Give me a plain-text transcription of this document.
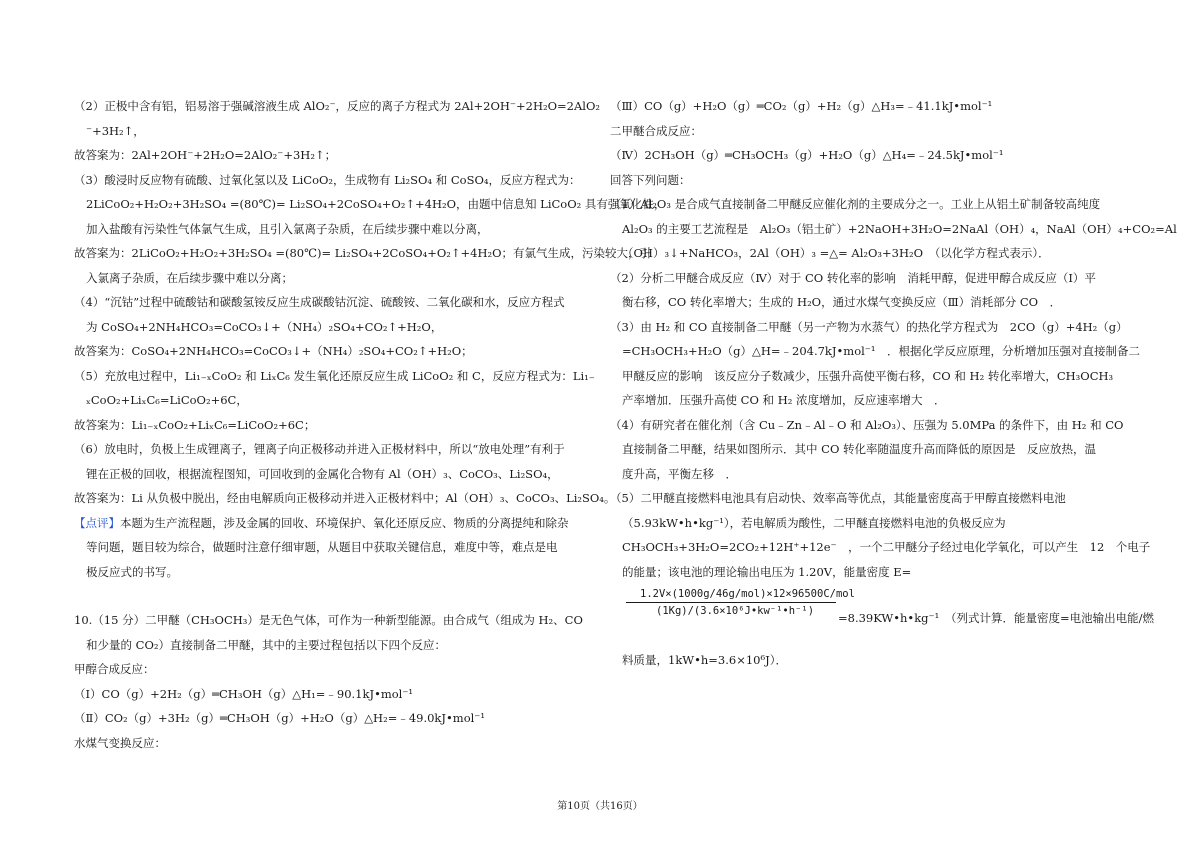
（2）正极中含有铝，铝易溶于强碱溶液生成 AlO₂⁻，反应的离子方程式为 2Al+2OH⁻+2H₂O=2AlO₂
⁻+3H₂↑，
故答案为：2Al+2OH⁻+2H₂O=2AlO₂⁻+3H₂↑；
（3）酸浸时反应物有硫酸、过氧化氢以及 LiCoO₂，生成物有 Li₂SO₄ 和 CoSO₄，反应方程式为：
2LiCoO₂+H₂O₂+3H₂SO₄ =(80℃)= Li₂SO₄+2CoSO₄+O₂↑+4H₂O，由题中信息知 LiCoO₂ 具有强氧化性，
加入盐酸有污染性气体氯气生成，且引入氯离子杂质，在后续步骤中难以分离，
故答案为：2LiCoO₂+H₂O₂+3H₂SO₄ =(80℃)= Li₂SO₄+2CoSO₄+O₂↑+4H₂O；有氯气生成，污染较大，引
入氯离子杂质，在后续步骤中难以分离；
（4）“沉钴”过程中硫酸钴和碳酸氢铵反应生成碳酸钴沉淀、硫酸铵、二氧化碳和水，反应方程式
为 CoSO₄+2NH₄HCO₃=CoCO₃↓+（NH₄）₂SO₄+CO₂↑+H₂O，
故答案为：CoSO₄+2NH₄HCO₃=CoCO₃↓+（NH₄）₂SO₄+CO₂↑+H₂O；
（5）充放电过程中，Li₁₋ₓCoO₂ 和 LiₓC₆ 发生氧化还原反应生成 LiCoO₂ 和 C，反应方程式为：Li₁₋
ₓCoO₂+LiₓC₆=LiCoO₂+6C，
故答案为：Li₁₋ₓCoO₂+LiₓC₆=LiCoO₂+6C；
（6）放电时，负极上生成锂离子，锂离子向正极移动并进入正极材料中，所以“放电处理”有利于
锂在正极的回收，根据流程图知，可回收到的金属化合物有 Al（OH）₃、CoCO₃、Li₂SO₄，
故答案为：Li 从负极中脱出，经由电解质向正极移动并进入正极材料中；Al（OH）₃、CoCO₃、Li₂SO₄。
【点评】本题为生产流程题，涉及金属的回收、环境保护、氧化还原反应、物质的分离提纯和除杂
等问题，题目较为综合，做题时注意仔细审题，从题目中获取关键信息，难度中等，难点是电
极反应式的书写。
10.（15 分）二甲醚（CH₃OCH₃）是无色气体，可作为一种新型能源。由合成气（组成为 H₂、CO
和少量的 CO₂）直接制备二甲醚，其中的主要过程包括以下四个反应：
甲醇合成反应：
（Ⅰ）CO（g）+2H₂（g）═CH₃OH（g）△H₁=﹣90.1kJ•mol⁻¹
（Ⅱ）CO₂（g）+3H₂（g）═CH₃OH（g）+H₂O（g）△H₂=﹣49.0kJ•mol⁻¹
水煤气变换反应：
（Ⅲ）CO（g）+H₂O（g）═CO₂（g）+H₂（g）△H₃=﹣41.1kJ•mol⁻¹
二甲醚合成反应：
（Ⅳ）2CH₃OH（g）═CH₃OCH₃（g）+H₂O（g）△H₄=﹣24.5kJ•mol⁻¹
回答下列问题：
（1）Al₂O₃ 是合成气直接制备二甲醚反应催化剂的主要成分之一。工业上从铝土矿制备较高纯度
Al₂O₃ 的主要工艺流程是　Al₂O₃（铝土矿）+2NaOH+3H₂O=2NaAl（OH）₄，NaAl（OH）₄+CO₂=Al
（OH）₃↓+NaHCO₃，2Al（OH）₃ =△= Al₂O₃+3H₂O　（以化学方程式表示）．
（2）分析二甲醚合成反应（Ⅳ）对于 CO 转化率的影响　消耗甲醇，促进甲醇合成反应（Ⅰ）平
衡右移，CO 转化率增大；生成的 H₂O，通过水煤气变换反应（Ⅲ）消耗部分 CO　．
（3）由 H₂ 和 CO 直接制备二甲醚（另一产物为水蒸气）的热化学方程式为　2CO（g）+4H₂（g）
=CH₃OCH₃+H₂O（g）△H=﹣204.7kJ•mol⁻¹　．根据化学反应原理，分析增加压强对直接制备二
甲醚反应的影响　该反应分子数减少，压强升高使平衡右移，CO 和 H₂ 转化率增大，CH₃OCH₃
产率增加．压强升高使 CO 和 H₂ 浓度增加，反应速率增大　．
（4）有研究者在催化剂（含 Cu﹣Zn﹣Al﹣O 和 Al₂O₃）、压强为 5.0MPa 的条件下，由 H₂ 和 CO
直接制备二甲醚，结果如图所示．其中 CO 转化率随温度升高而降低的原因是　反应放热，温
度升高，平衡左移　．
（5）二甲醚直接燃料电池具有启动快、效率高等优点，其能量密度高于甲醇直接燃料电池
（5.93kW•h•kg⁻¹），若电解质为酸性，二甲醚直接燃料电池的负极反应为
CH₃OCH₃+3H₂O=2CO₂+12H⁺+12e⁻　，一个二甲醚分子经过电化学氧化，可以产生　12　个电子
的能量；该电池的理论输出电压为 1.20V，能量密度 E=
1.2V×(1000g/46g/mol)×12×96500C/mol
(1Kg)/(3.6×10⁶J•kw⁻¹•h⁻¹)	=8.39KW•h•kg⁻¹　（列式计算．能量密度=电池输出电能/燃
料质量，1kW•h=3.6×10⁶J）．
第10页（共16页）
